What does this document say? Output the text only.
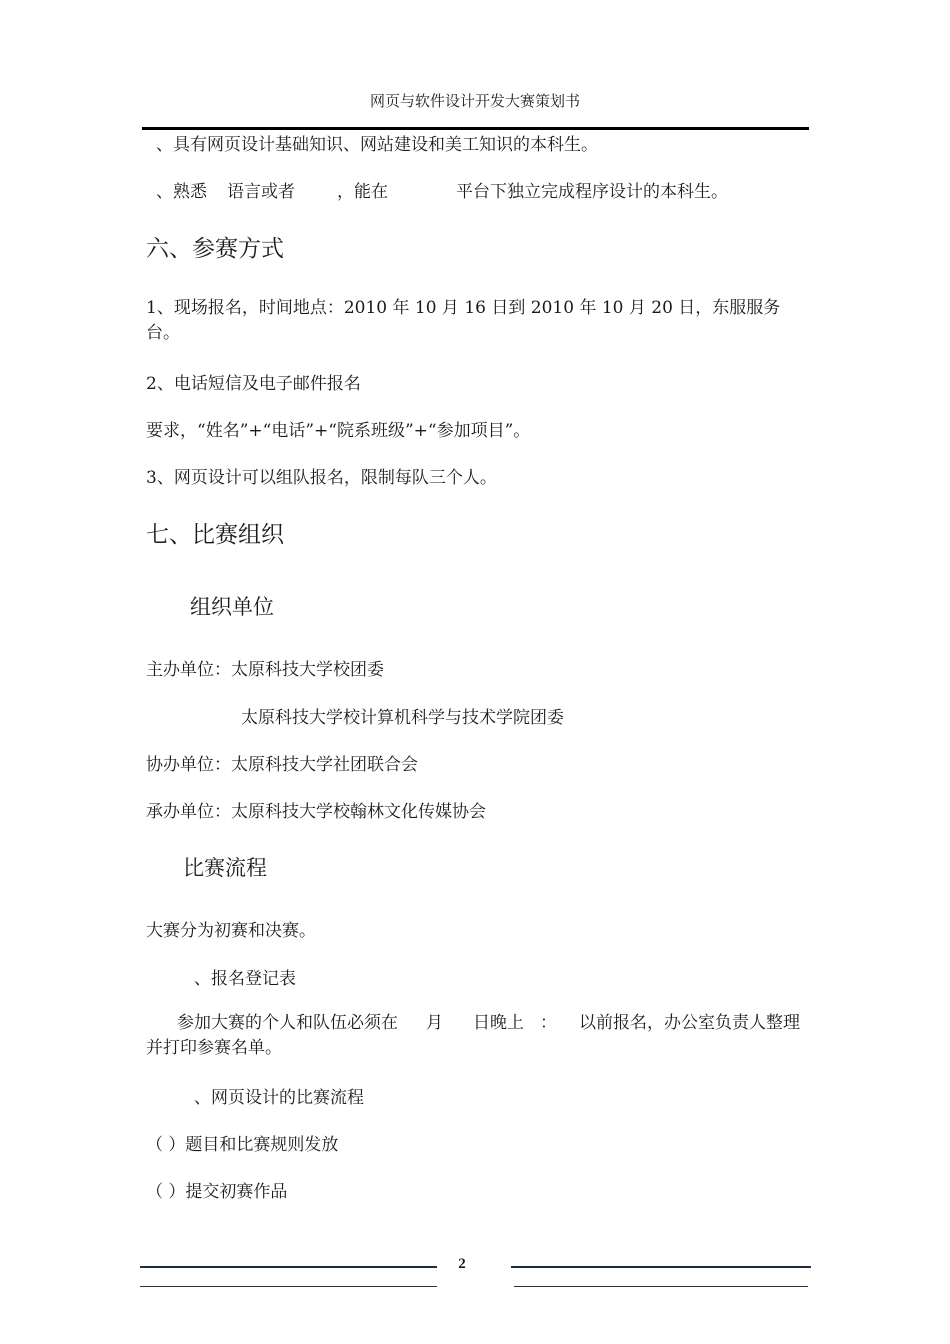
网页与软件设计开发大赛策划书
、具有网页设计基础知识、网站建设和美工知识的本科生。
、熟悉 语言或者 ，能在	平台下独立完成程序设计的本科生。
六、参赛方式
1、现场报名，时间地点：2010 年 10 月 16 日到 2010 年 10 月 20 日，东服服务台。
2、电话短信及电子邮件报名
要求，“姓名”+“电话”+“院系班级”+“参加项目”。
3、网页设计可以组队报名，限制每队三个人。
七、比赛组织
组织单位
主办单位：太原科技大学校团委
太原科技大学校计算机科学与技术学院团委
协办单位：太原科技大学社团联合会
承办单位：太原科技大学校翰林文化传媒协会
比赛流程
大赛分为初赛和决赛。
、报名登记表
参加大赛的个人和队伍必须在 月 日晚上 ： 以前报名，办公室负责人整理并打印参赛名单。
、网页设计的比赛流程
（ ）题目和比赛规则发放
（ ）提交初赛作品
2
